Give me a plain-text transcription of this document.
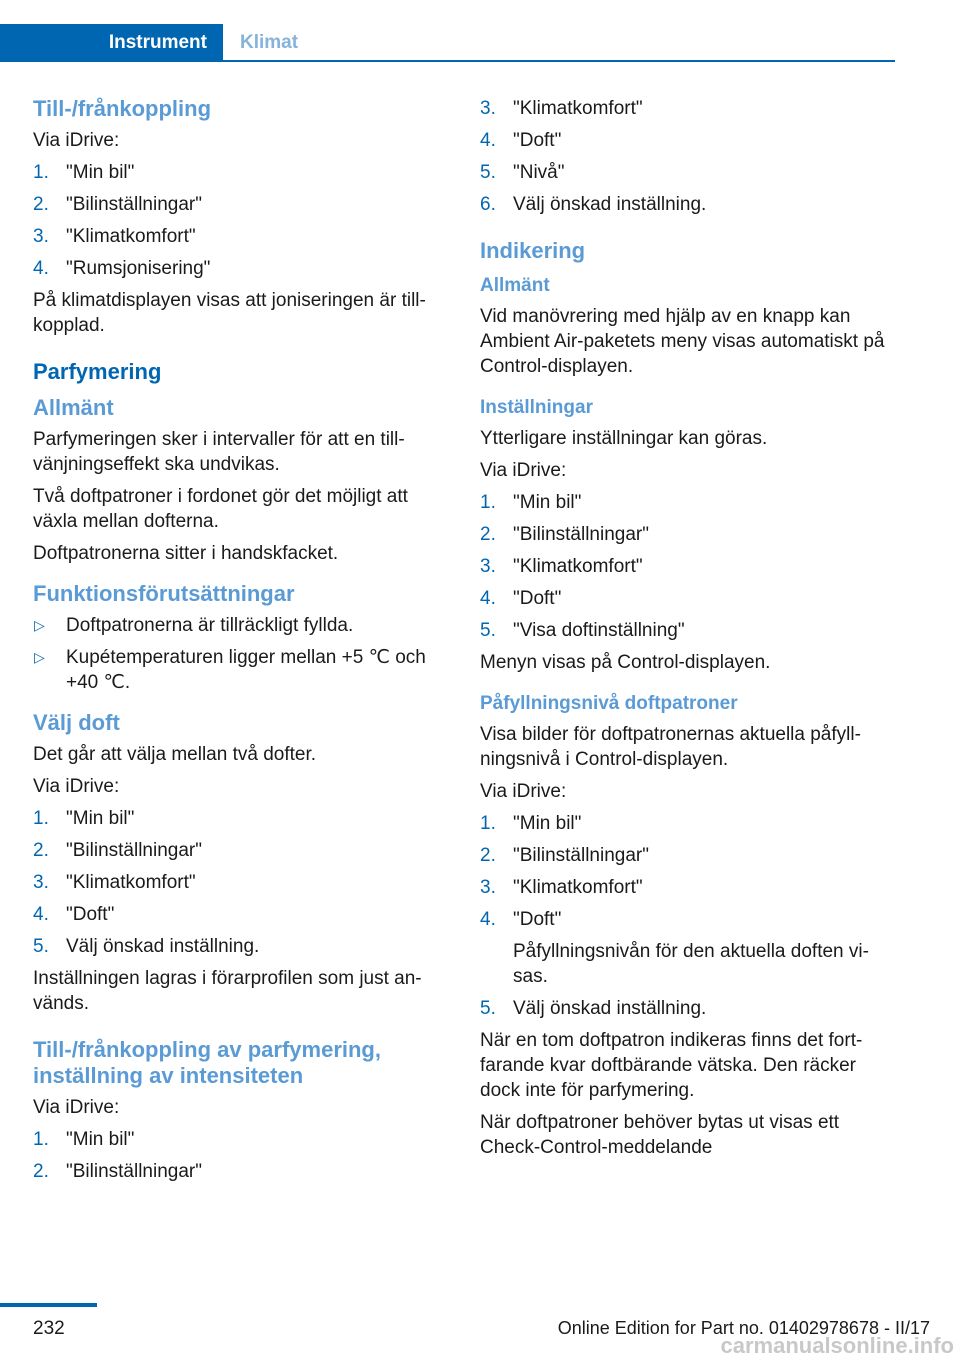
Instrument	Klimat
Till-/frånkoppling

Via iDrive:

1. "Min bil"
2. "Bilinställningar"
3. "Klimatkomfort"
4. "Rumsjonisering"

På klimatdisplayen visas att joniseringen är till-kopplad.

Parfymering
Allmänt

Parfymeringen sker i intervaller för att en till-vänjningseffekt ska undvikas.

Två doftpatroner i fordonet gör det möjligt att växla mellan dofterna.

Doftpatronerna sitter i handskfacket.

Funktionsförutsättningar
▷ Doftpatronerna är tillräckligt fyllda.
▷ Kupétemperaturen ligger mellan +5 ℃ och +40 ℃.
Välj doft

Det går att välja mellan två dofter.

Via iDrive:

1. "Min bil"
2. "Bilinställningar"
3. "Klimatkomfort"
4. "Doft"
5. Välj önskad inställning.

Inställningen lagras i förarprofilen som just an-vänds.

Till-/frånkoppling av parfymering, inställning av intensiteten

Via iDrive:

1. "Min bil"
2. "Bilinställningar"
3. "Klimatkomfort"
4. "Doft"
5. "Nivå"
6. Välj önskad inställning.
Indikering
Allmänt

Vid manövrering med hjälp av en knapp kan Ambient Air-paketets meny visas automatiskt på Control-displayen.

Inställningar

Ytterligare inställningar kan göras.

Via iDrive:

1. "Min bil"
2. "Bilinställningar"
3. "Klimatkomfort"
4. "Doft"
5. "Visa doftinställning"

Menyn visas på Control-displayen.

Påfyllningsnivå doftpatroner

Visa bilder för doftpatronernas aktuella påfyll-ningsnivå i Control-displayen.

Via iDrive:

1. "Min bil"
2. "Bilinställningar"
3. "Klimatkomfort"
4. "Doft"
Påfyllningsnivån för den aktuella doften vi-sas.
5. Välj önskad inställning.

När en tom doftpatron indikeras finns det fort-farande kvar doftbärande vätska. Den räcker dock inte för parfymering.

När doftpatroner behöver bytas ut visas ett Check-Control-meddelande

232	Online Edition for Part no. 01402978678 - II/17
carmanualsonline.info
